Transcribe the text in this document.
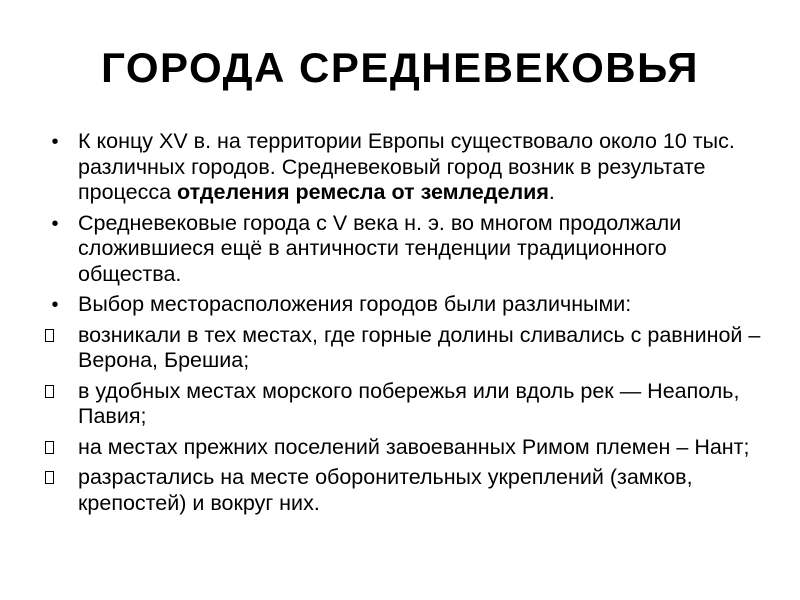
ГОРОДА СРЕДНЕВЕКОВЬЯ
•
К концу XV в. на территории Европы существовало около 10 тыс. различных городов. Средневековый город возник в результате процесса отделения ремесла от земледелия.
•
Средневековые города с V века н. э. во многом продолжали сложившиеся ещё в античности тенденции традиционного общества.
•
Выбор месторасположения городов были различными:
возникали в тех местах, где горные долины сливались с равниной – Верона, Брешиа;
в удобных местах морского побережья или вдоль рек — Неаполь, Павия;
на местах прежних поселений завоеванных Римом племен – Нант;
разрастались на месте оборонительных укреплений (замков, крепостей) и вокруг них.
